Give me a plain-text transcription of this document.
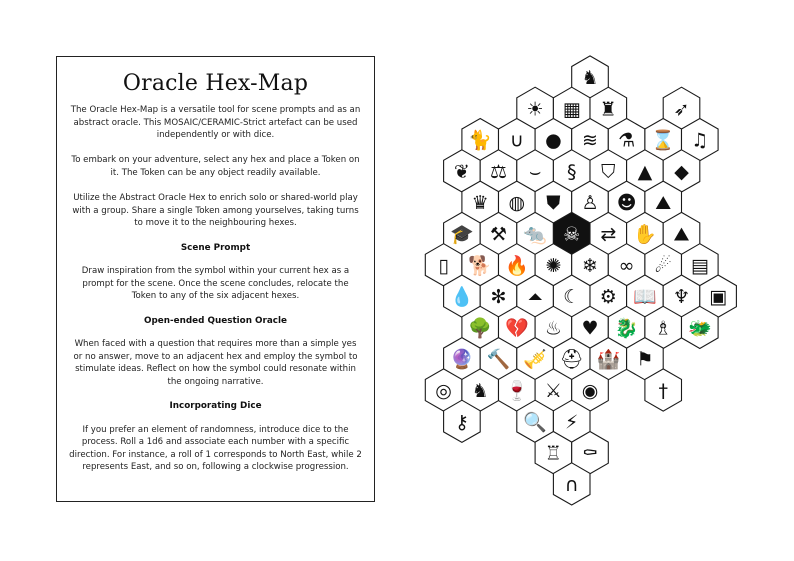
Oracle Hex-Map

The Oracle Hex-Map is a versatile tool for scene prompts and as an abstract oracle. This MOSAIC/CERAMIC-Strict artefact can be used independently or with dice.

To embark on your adventure, select any hex and place a Token on it. The Token can be any object readily available.

Utilize the Abstract Oracle Hex to enrich solo or shared-world play with a group. Share a single Token among yourselves, taking turns to move it to the neighbouring hexes.

Scene Prompt

Draw inspiration from the symbol within your current hex as a prompt for the scene. Once the scene concludes, relocate the Token to any of the six adjacent hexes.

Open-ended Question Oracle

When faced with a question that requires more than a simple yes or no answer, move to an adjacent hex and employ the symbol to stimulate ideas. Reflect on how the symbol could resonate within the ongoing narrative.

Incorporating Dice

If you prefer an element of randomness, introduce dice to the process. Roll a 1d6 and associate each number with a specific direction. For instance, a roll of 1 corresponds to North East, while 2 represents East, and so on, following a clockwise progression.

♞
☀ ▦ ♜	➶
🐈 ∪ ● ≋ ⚗ ⌛ ♫
❦ ⚖ ⌣ § ⛉ ▲ ◆
♛ ◍ ⛊ ♙ ☻ ⛰
🎓 ⚒ 🐀 ☠ ⇄ ✋ ⛰
▯ 🐕 🔥 ✺ ❄ ∞ ☄ ▤
💧 ✻ ⏶ ☾ ⚙ 📖 ♆ ▣
🌳 💔 ♨ ♥ 🐉 ♗ 🐲
🔮 🔨 🎺 ⛑ 🏰 ⚑
◎ ♞ 🍷 ⚔ ◉	†
⚷	🔍 ⚡
♖ ⚰
∩
